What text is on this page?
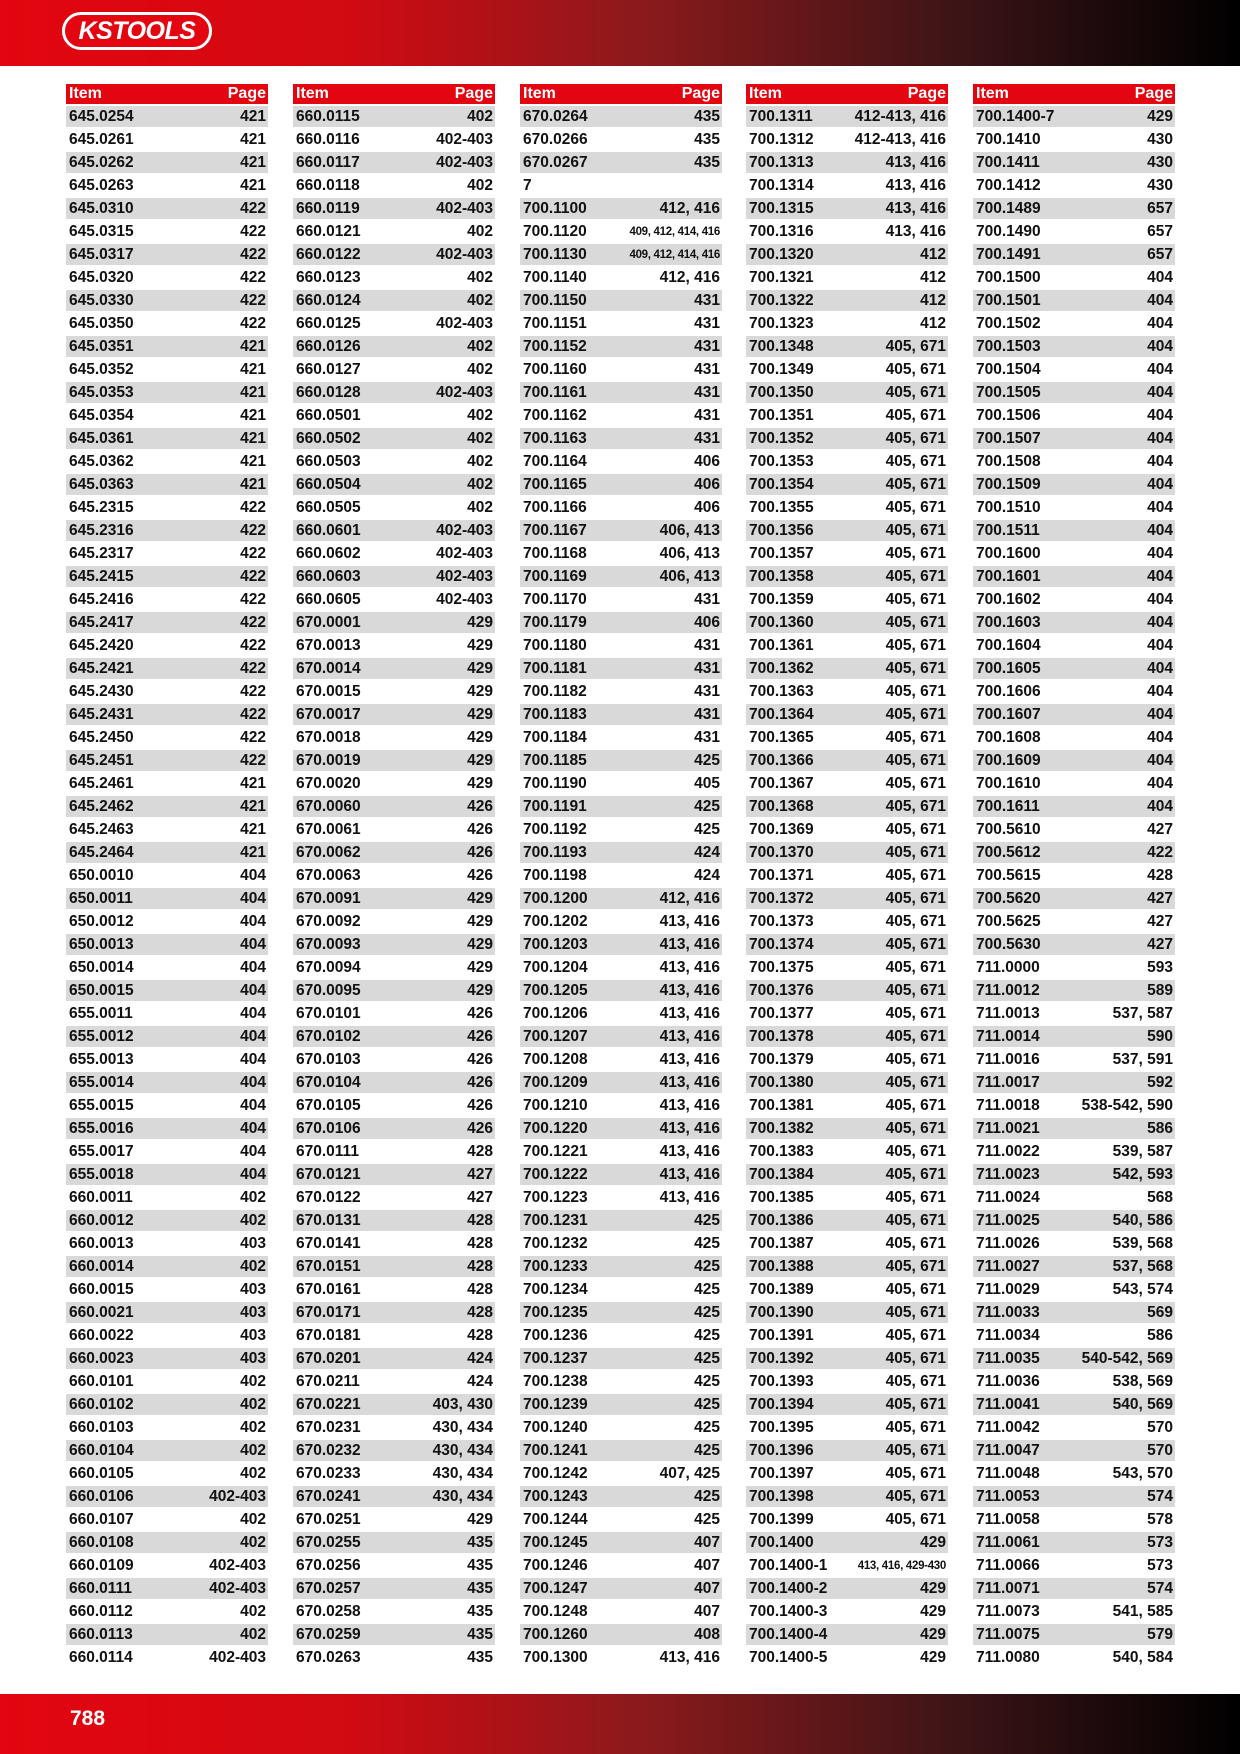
KS TOOLS
Item	Page
645.0254	421
645.0261	421
645.0262	421
645.0263	421
645.0310	422
645.0315	422
645.0317	422
645.0320	422
645.0330	422
645.0350	422
645.0351	421
645.0352	421
645.0353	421
645.0354	421
645.0361	421
645.0362	421
645.0363	421
645.2315	422
645.2316	422
645.2317	422
645.2415	422
645.2416	422
645.2417	422
645.2420	422
645.2421	422
645.2430	422
645.2431	422
645.2450	422
645.2451	422
645.2461	421
645.2462	421
645.2463	421
645.2464	421
650.0010	404
650.0011	404
650.0012	404
650.0013	404
650.0014	404
650.0015	404
655.0011	404
655.0012	404
655.0013	404
655.0014	404
655.0015	404
655.0016	404
655.0017	404
655.0018	404
660.0011	402
660.0012	402
660.0013	403
660.0014	402
660.0015	403
660.0021	403
660.0022	403
660.0023	403
660.0101	402
660.0102	402
660.0103	402
660.0104	402
660.0105	402
660.0106	402-403
660.0107	402
660.0108	402
660.0109	402-403
660.0111	402-403
660.0112	402
660.0113	402
660.0114	402-403
Item	Page
660.0115	402
660.0116	402-403
660.0117	402-403
660.0118	402
660.0119	402-403
660.0121	402
660.0122	402-403
660.0123	402
660.0124	402
660.0125	402-403
660.0126	402
660.0127	402
660.0128	402-403
660.0501	402
660.0502	402
660.0503	402
660.0504	402
660.0505	402
660.0601	402-403
660.0602	402-403
660.0603	402-403
660.0605	402-403
670.0001	429
670.0013	429
670.0014	429
670.0015	429
670.0017	429
670.0018	429
670.0019	429
670.0020	429
670.0060	426
670.0061	426
670.0062	426
670.0063	426
670.0091	429
670.0092	429
670.0093	429
670.0094	429
670.0095	429
670.0101	426
670.0102	426
670.0103	426
670.0104	426
670.0105	426
670.0106	426
670.0111	428
670.0121	427
670.0122	427
670.0131	428
670.0141	428
670.0151	428
670.0161	428
670.0171	428
670.0181	428
670.0201	424
670.0211	424
670.0221	403, 430
670.0231	430, 434
670.0232	430, 434
670.0233	430, 434
670.0241	430, 434
670.0251	429
670.0255	435
670.0256	435
670.0257	435
670.0258	435
670.0259	435
670.0263	435
Item	Page
670.0264	435
670.0266	435
670.0267	435
7
700.1100	412, 416
700.1120	409, 412, 414, 416
700.1130	409, 412, 414, 416
700.1140	412, 416
700.1150	431
700.1151	431
700.1152	431
700.1160	431
700.1161	431
700.1162	431
700.1163	431
700.1164	406
700.1165	406
700.1166	406
700.1167	406, 413
700.1168	406, 413
700.1169	406, 413
700.1170	431
700.1179	406
700.1180	431
700.1181	431
700.1182	431
700.1183	431
700.1184	431
700.1185	425
700.1190	405
700.1191	425
700.1192	425
700.1193	424
700.1198	424
700.1200	412, 416
700.1202	413, 416
700.1203	413, 416
700.1204	413, 416
700.1205	413, 416
700.1206	413, 416
700.1207	413, 416
700.1208	413, 416
700.1209	413, 416
700.1210	413, 416
700.1220	413, 416
700.1221	413, 416
700.1222	413, 416
700.1223	413, 416
700.1231	425
700.1232	425
700.1233	425
700.1234	425
700.1235	425
700.1236	425
700.1237	425
700.1238	425
700.1239	425
700.1240	425
700.1241	425
700.1242	407, 425
700.1243	425
700.1244	425
700.1245	407
700.1246	407
700.1247	407
700.1248	407
700.1260	408
700.1300	413, 416
Item	Page
700.1311	412-413, 416
700.1312	412-413, 416
700.1313	413, 416
700.1314	413, 416
700.1315	413, 416
700.1316	413, 416
700.1320	412
700.1321	412
700.1322	412
700.1323	412
700.1348	405, 671
700.1349	405, 671
700.1350	405, 671
700.1351	405, 671
700.1352	405, 671
700.1353	405, 671
700.1354	405, 671
700.1355	405, 671
700.1356	405, 671
700.1357	405, 671
700.1358	405, 671
700.1359	405, 671
700.1360	405, 671
700.1361	405, 671
700.1362	405, 671
700.1363	405, 671
700.1364	405, 671
700.1365	405, 671
700.1366	405, 671
700.1367	405, 671
700.1368	405, 671
700.1369	405, 671
700.1370	405, 671
700.1371	405, 671
700.1372	405, 671
700.1373	405, 671
700.1374	405, 671
700.1375	405, 671
700.1376	405, 671
700.1377	405, 671
700.1378	405, 671
700.1379	405, 671
700.1380	405, 671
700.1381	405, 671
700.1382	405, 671
700.1383	405, 671
700.1384	405, 671
700.1385	405, 671
700.1386	405, 671
700.1387	405, 671
700.1388	405, 671
700.1389	405, 671
700.1390	405, 671
700.1391	405, 671
700.1392	405, 671
700.1393	405, 671
700.1394	405, 671
700.1395	405, 671
700.1396	405, 671
700.1397	405, 671
700.1398	405, 671
700.1399	405, 671
700.1400	429
700.1400-1	413, 416, 429-430
700.1400-2	429
700.1400-3	429
700.1400-4	429
700.1400-5	429
Item	Page
700.1400-7	429
700.1410	430
700.1411	430
700.1412	430
700.1489	657
700.1490	657
700.1491	657
700.1500	404
700.1501	404
700.1502	404
700.1503	404
700.1504	404
700.1505	404
700.1506	404
700.1507	404
700.1508	404
700.1509	404
700.1510	404
700.1511	404
700.1600	404
700.1601	404
700.1602	404
700.1603	404
700.1604	404
700.1605	404
700.1606	404
700.1607	404
700.1608	404
700.1609	404
700.1610	404
700.1611	404
700.5610	427
700.5612	422
700.5615	428
700.5620	427
700.5625	427
700.5630	427
711.0000	593
711.0012	589
711.0013	537, 587
711.0014	590
711.0016	537, 591
711.0017	592
711.0018	538-542, 590
711.0021	586
711.0022	539, 587
711.0023	542, 593
711.0024	568
711.0025	540, 586
711.0026	539, 568
711.0027	537, 568
711.0029	543, 574
711.0033	569
711.0034	586
711.0035	540-542, 569
711.0036	538, 569
711.0041	540, 569
711.0042	570
711.0047	570
711.0048	543, 570
711.0053	574
711.0058	578
711.0061	573
711.0066	573
711.0071	574
711.0073	541, 585
711.0075	579
711.0080	540, 584
788
